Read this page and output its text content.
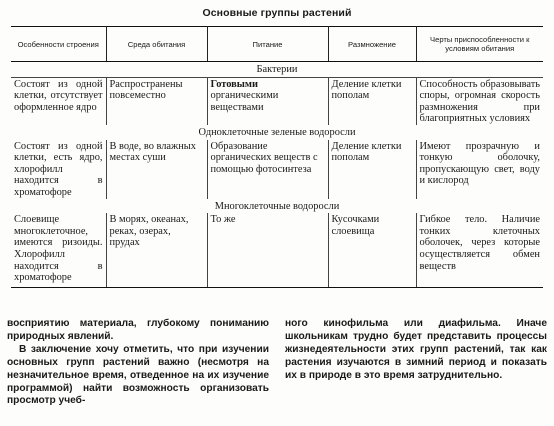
Основные группы растений
Особенности строения	Среда обитания	Питание	Размножение	Черты приспособленности к условиям обитания
Бактерии				
Состоят из одной клетки, отсутствует оформленное ядро	Распространены повсеместно	Готовыми органическими веществами	Деление клетки пополам	Способность образовывать споры, огромная скорость размножения при благоприятных условиях
Одноклеточные зеленые водоросли				
Состоят из одной клетки, есть ядро, хлорофилл находится в хроматофоре	В воде, во влажных местах суши	Образование органических веществ с помощью фотосинтеза	Деление клетки пополам	Имеют прозрачную и тонкую оболочку, пропускающую свет, воду и кислород
Многоклеточные водоросли				
Слоевище многоклеточное, имеются ризоиды. Хлорофилл находится в хроматофоре	В морях, океанах, реках, озерах, прудах	То же	Кусочками слоевища	Гибкое тело. Наличие тонких клеточных оболочек, через которые осуществляется обмен веществ

восприятию материала, глубокому пониманию природных явлений.

В заключение хочу отметить, что при изучении основных групп растений важно (несмотря на незначительное время, отведенное на их изучение программой) найти возможность организовать просмотр учеб-

ного кинофильма или диафильма. Иначе школьникам трудно будет представить процессы жизнедеятельности этих групп растений, так как растения изучаются в зимний период и показать их в природе в это время затруднительно.
